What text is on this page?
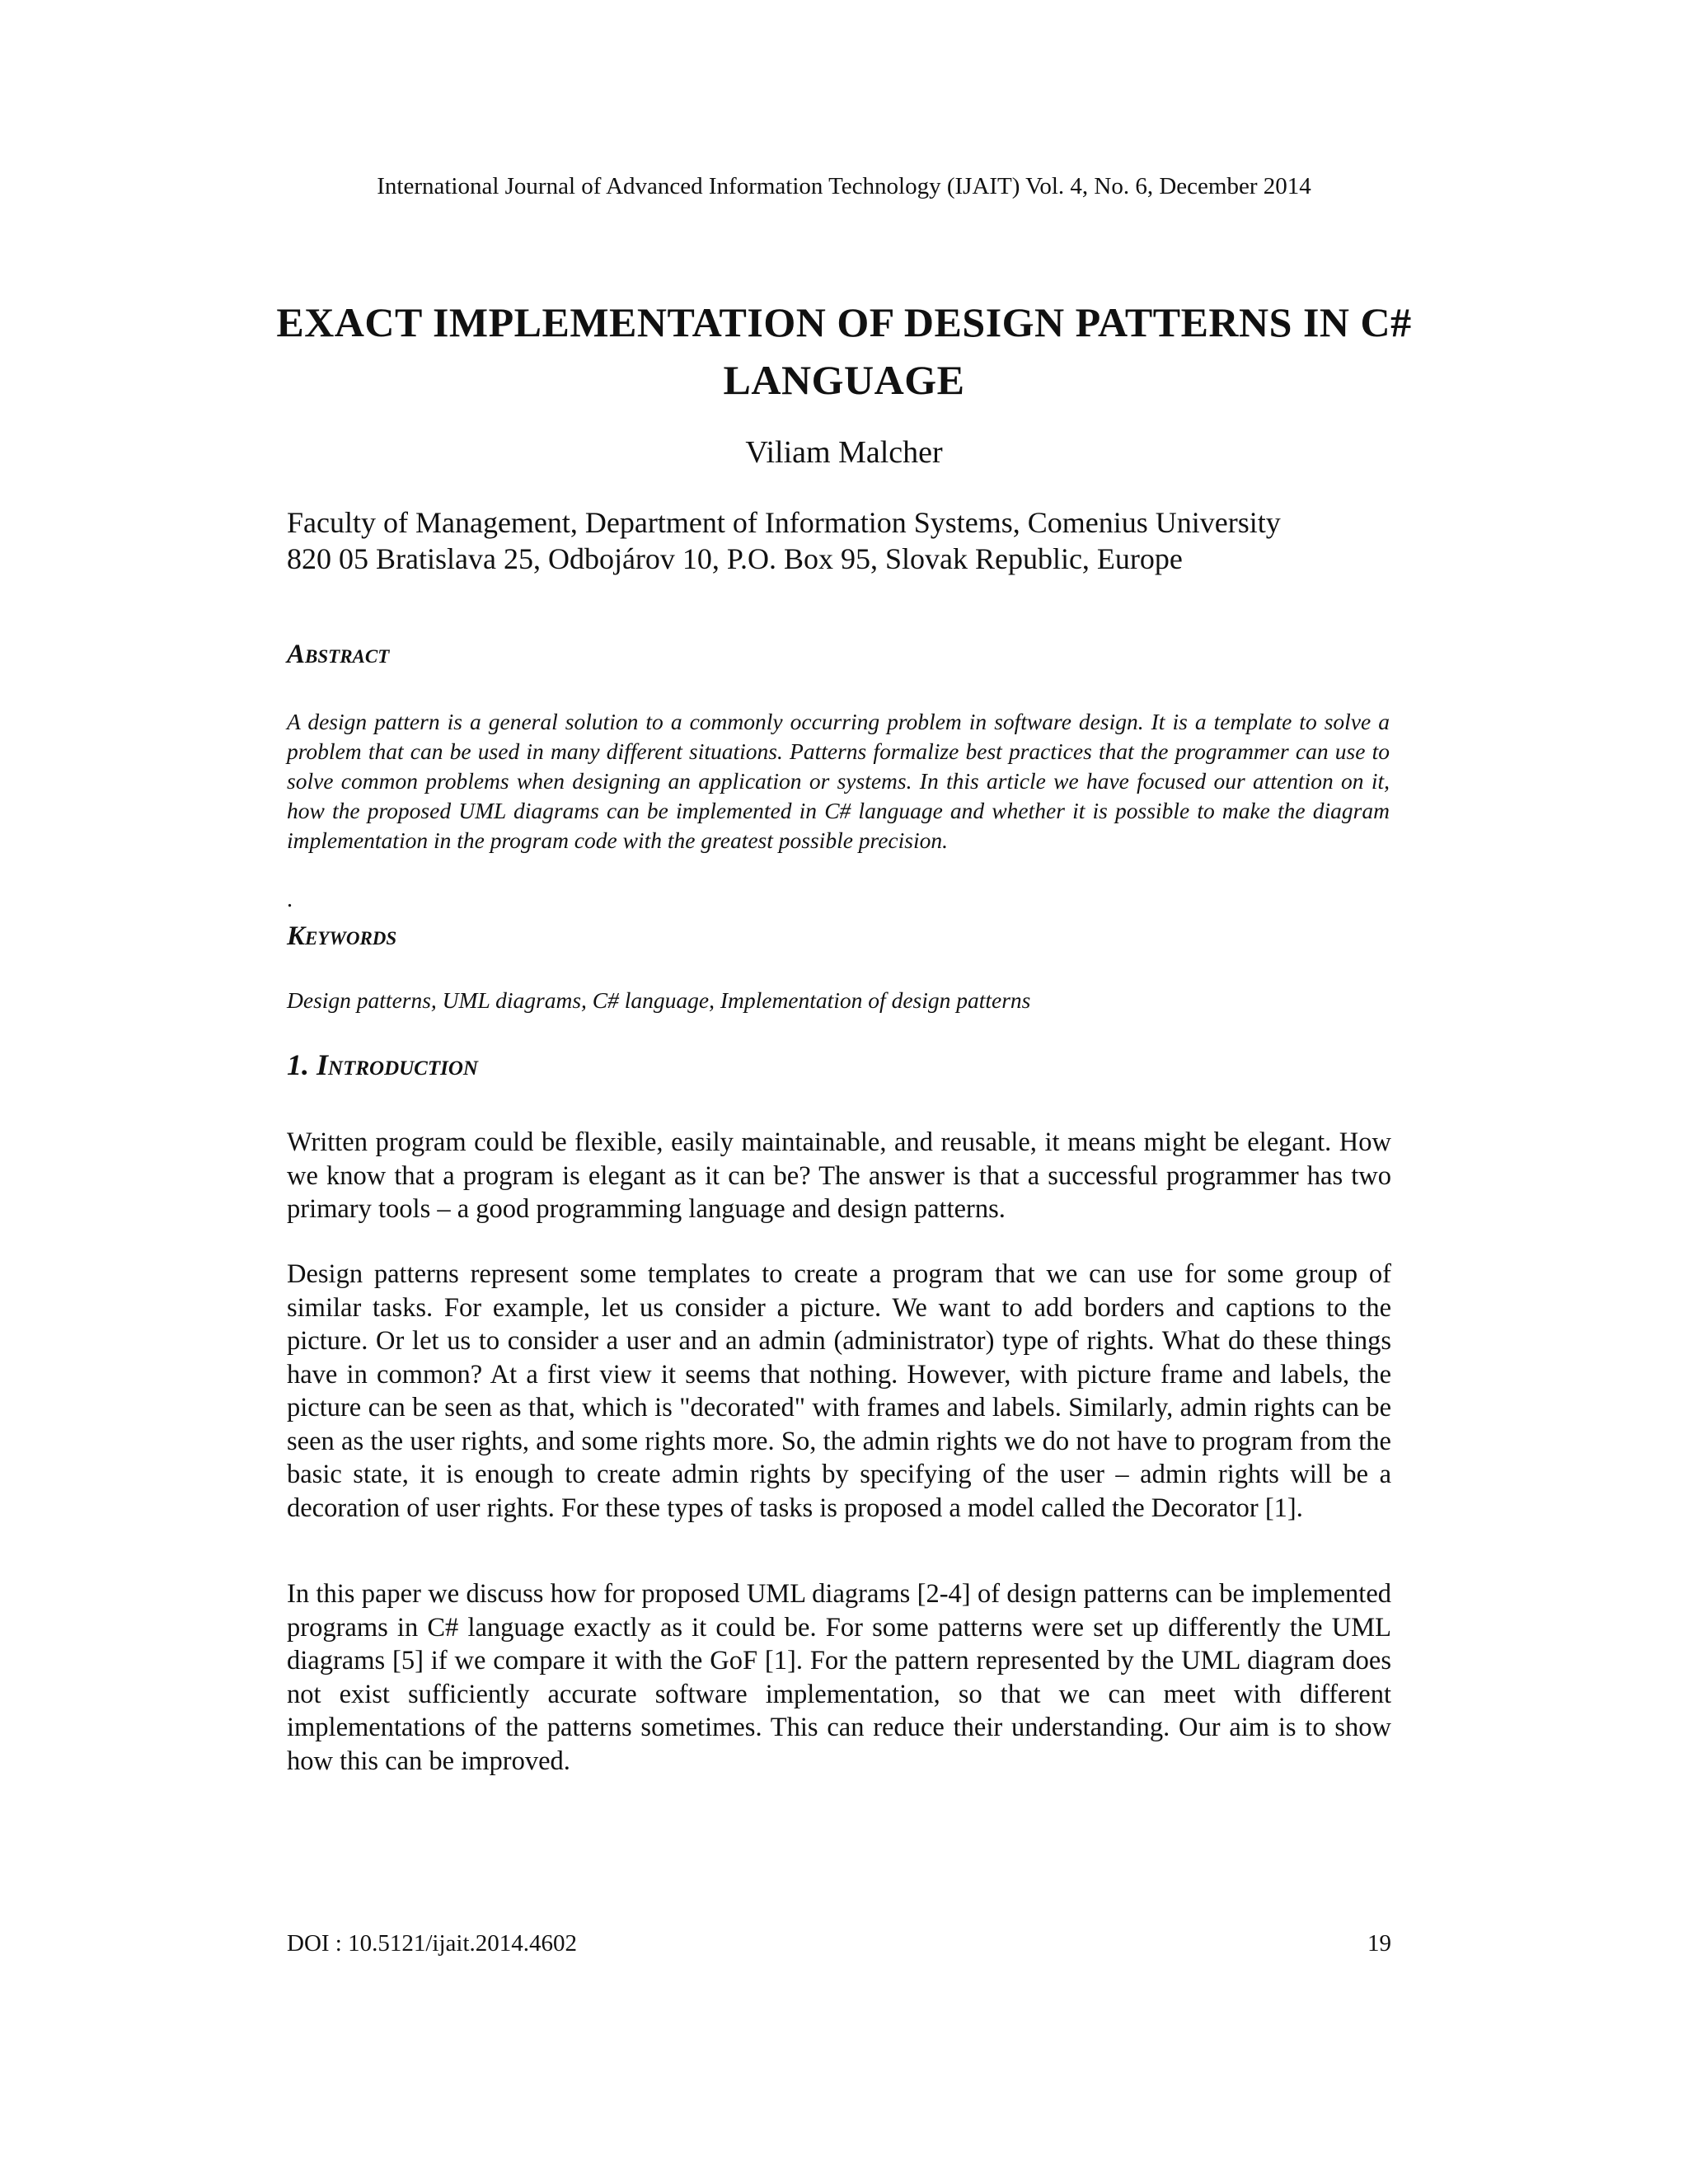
International Journal of Advanced Information Technology (IJAIT) Vol. 4, No. 6, December 2014
EXACT IMPLEMENTATION OF DESIGN PATTERNS IN C# LANGUAGE
Viliam Malcher
Faculty of Management, Department of Information Systems, Comenius University
820 05 Bratislava 25, Odbojárov 10, P.O. Box 95, Slovak Republic, Europe
Abstract

A design pattern is a general solution to a commonly occurring problem in software design. It is a template to solve a problem that can be used in many different situations. Patterns formalize best practices that the programmer can use to solve common problems when designing an application or systems. In this article we have focused our attention on it, how the proposed UML diagrams can be implemented in C# language and whether it is possible to make the diagram implementation in the program code with the greatest possible precision.

.
Keywords
Design patterns, UML diagrams, C# language, Implementation of design patterns
1. Introduction

Written program could be flexible, easily maintainable, and reusable, it means might be elegant. How we know that a program is elegant as it can be? The answer is that a successful programmer has two primary tools – a good programming language and design patterns.

Design patterns represent some templates to create a program that we can use for some group of similar tasks. For example, let us consider a picture. We want to add borders and captions to the picture. Or let us to consider a user and an admin (administrator) type of rights. What do these things have in common? At a first view it seems that nothing. However, with picture frame and labels, the picture can be seen as that, which is "decorated" with frames and labels. Similarly, admin rights can be seen as the user rights, and some rights more. So, the admin rights we do not have to program from the basic state, it is enough to create admin rights by specifying of the user – admin rights will be a decoration of user rights. For these types of tasks is proposed a model called the Decorator [1].

In this paper we discuss how for proposed UML diagrams [2-4] of design patterns can be implemented programs in C# language exactly as it could be. For some patterns were set up differently the UML diagrams [5] if we compare it with the GoF [1]. For the pattern represented by the UML diagram does not exist sufficiently accurate software implementation, so that we can meet with different implementations of the patterns sometimes. This can reduce their understanding. Our aim is to show how this can be improved.

DOI : 10.5121/ijait.2014.4602	19
